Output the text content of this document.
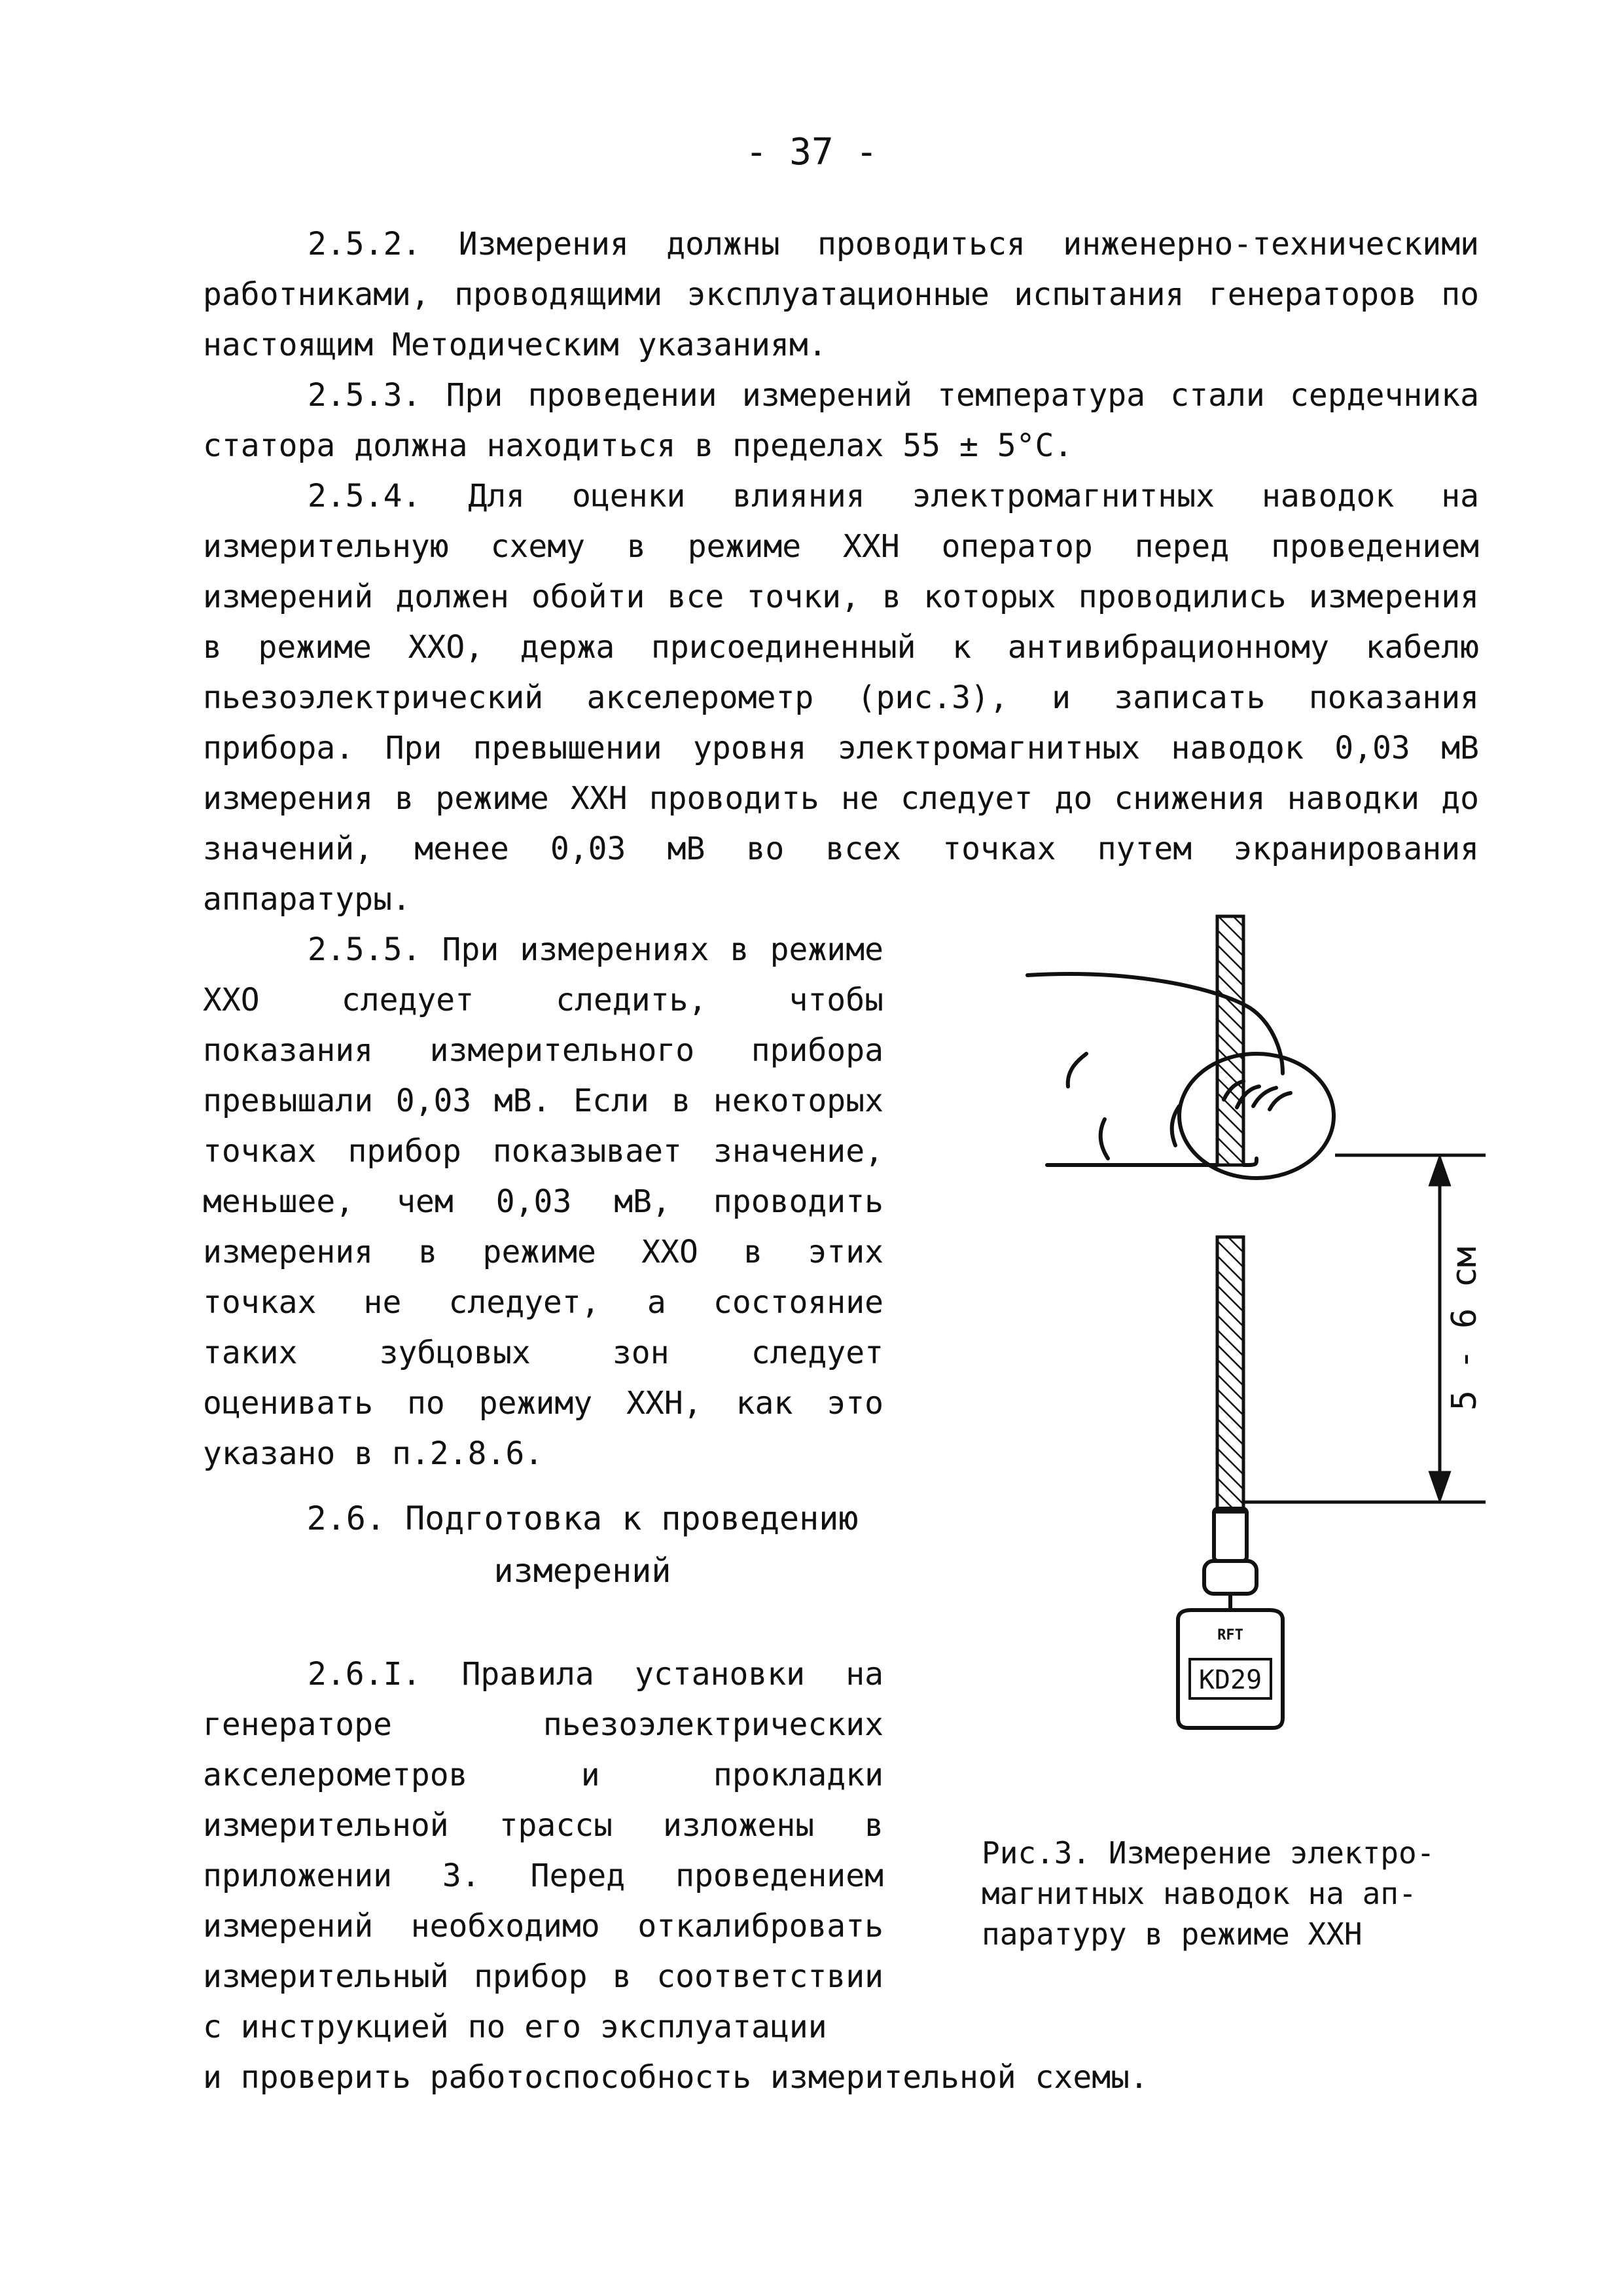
- 37 -

2.5.2. Измерения должны проводиться инженерно-техническими работниками, проводящими эксплуатационные испытания генераторов по настоящим Методическим указаниям.

2.5.3. При проведении измерений температура стали сердечника статора должна находиться в пределах 55 ± 5°С.

2.5.4. Для оценки влияния электромагнитных наводок на измерительную схему в режиме ХХН оператор перед проведением измерений должен обойти все точки, в которых проводились измерения в режиме ХХО, держа присоединенный к антивибрационному кабелю пьезоэлектрический акселерометр (рис.3), и записать показания прибора. При превышении уровня электромагнитных наводок 0,03 мВ измерения в режиме ХХН проводить не следует до снижения наводки до значений, менее 0,03 мВ во всех точках путем экранирования аппаратуры.

2.5.5. При измерениях в режиме ХХО следует следить, чтобы показания измерительного прибора превышали 0,03 мВ. Если в некоторых точках прибор показывает значение, меньшее, чем 0,03 мВ, проводить измерения в режиме ХХО в этих точках не следует, а состояние таких зубцовых зон следует оценивать по режиму ХХН, как это указано в п.2.8.6.

2.6. Подготовка к проведению
измерений

2.6.I. Правила установки на генераторе пьезоэлектрических акселерометров и прокладки измерительной трассы изложены в приложении 3. Перед проведением измерений необходимо откалибровать измерительный прибор в соответствии с инструкцией по его эксплуатации

и проверить работоспособность измерительной схемы.
RFT
KD29
5 - 6 см

Рис.3. Измерение электро-
магнитных наводок на ап-
паратуру в режиме ХХН
